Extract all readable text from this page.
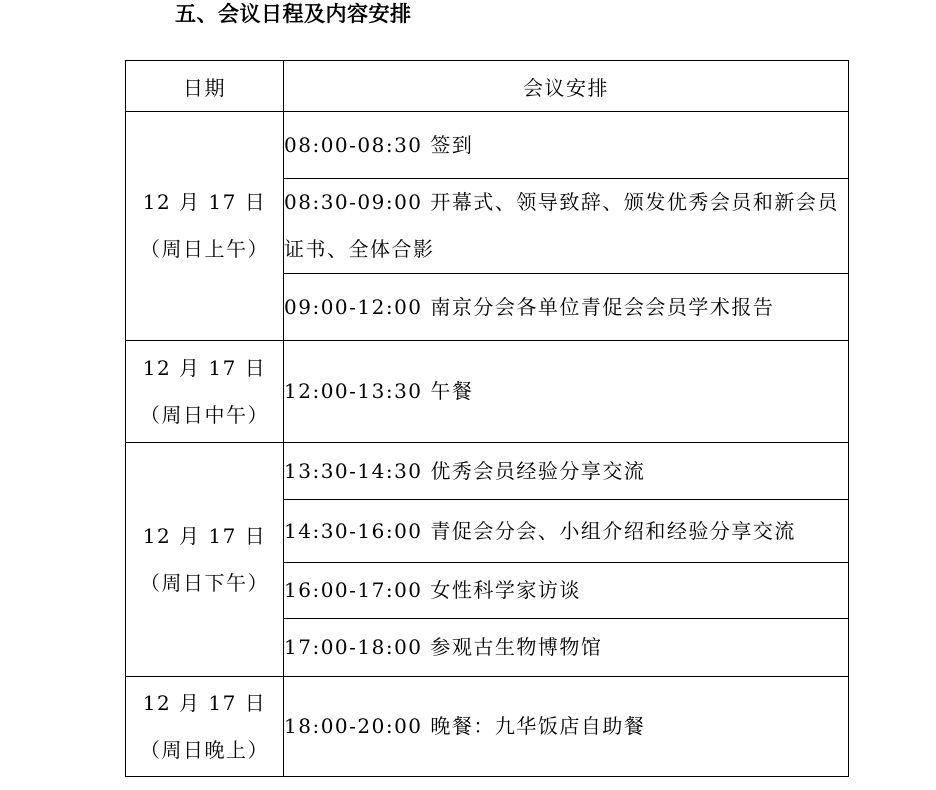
五、会议日程及内容安排
日期	会议安排

12 月 17 日
（周日上午）	08:00-08:30 签到
	08:30-09:00 开幕式、领导致辞、颁发优秀会员和新会员证书、全体合影
	09:00-12:00 南京分会各单位青促会会员学术报告

12 月 17 日
（周日中午）	12:00-13:30 午餐

12 月 17 日
（周日下午）	13:30-14:30 优秀会员经验分享交流
	14:30-16:00 青促会分会、小组介绍和经验分享交流
	16:00-17:00 女性科学家访谈
	17:00-18:00 参观古生物博物馆

12 月 17 日
（周日晚上）	18:00-20:00 晚餐：九华饭店自助餐
